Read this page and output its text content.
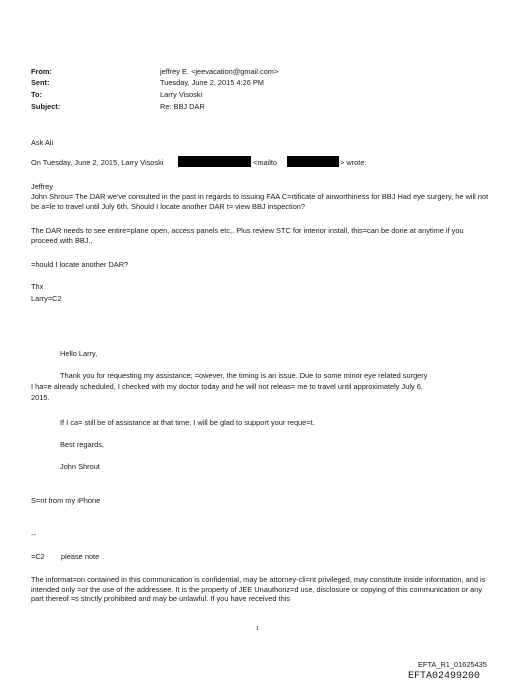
From:
Sent:
To:
Subject:
jeffrey E. <jeevacation@gmail.com>
Tuesday, June 2, 2015 4:26 PM
Larry Visoski
Re: BBJ DAR
Ask Ali
On Tuesday, June 2, 2015, Larry Visoski	<mailto	> wrote:
Jeffrey
John Shrou= The DAR we've consulted in the past in regards to issuing FAA C=rtificate of airworthiness for BBJ Had eye surgery, he will not be a=le to travel until July 6th, Should I locate another DAR t= view BBJ inspection?
The DAR needs to see entire=plane open, access panels etc,. Plus review STC for interior install, this=can be done at anytime if you proceed with BBJ.,
=hould I locate another DAR?
Thx
Larry=C2
Hello Larry,
Thank you for requesting my assistance; =owever, the timing is an issue. Due to some minor eye related surgery
I ha=e already scheduled, I checked with my doctor today and he will not releas= me to travel until approximately July 6,
2015.
If I ca= still be of assistance at that time, I will be glad to support your reque=t.
Best regards,
John Shrout
S=nt from my iPhone
--
=C2 please note
The informat=on contained in this communication is confidential, may be attorney-cli=nt privileged, may constitute inside information, and is intended only =or the use of the addressee. It is the property of JEE Unauthoriz=d use, disclosure or copying of this communication or any part thereof =s strictly prohibited and may be unlawful. If you have received this
1
EFTA_R1_01625435
EFTA02499200
